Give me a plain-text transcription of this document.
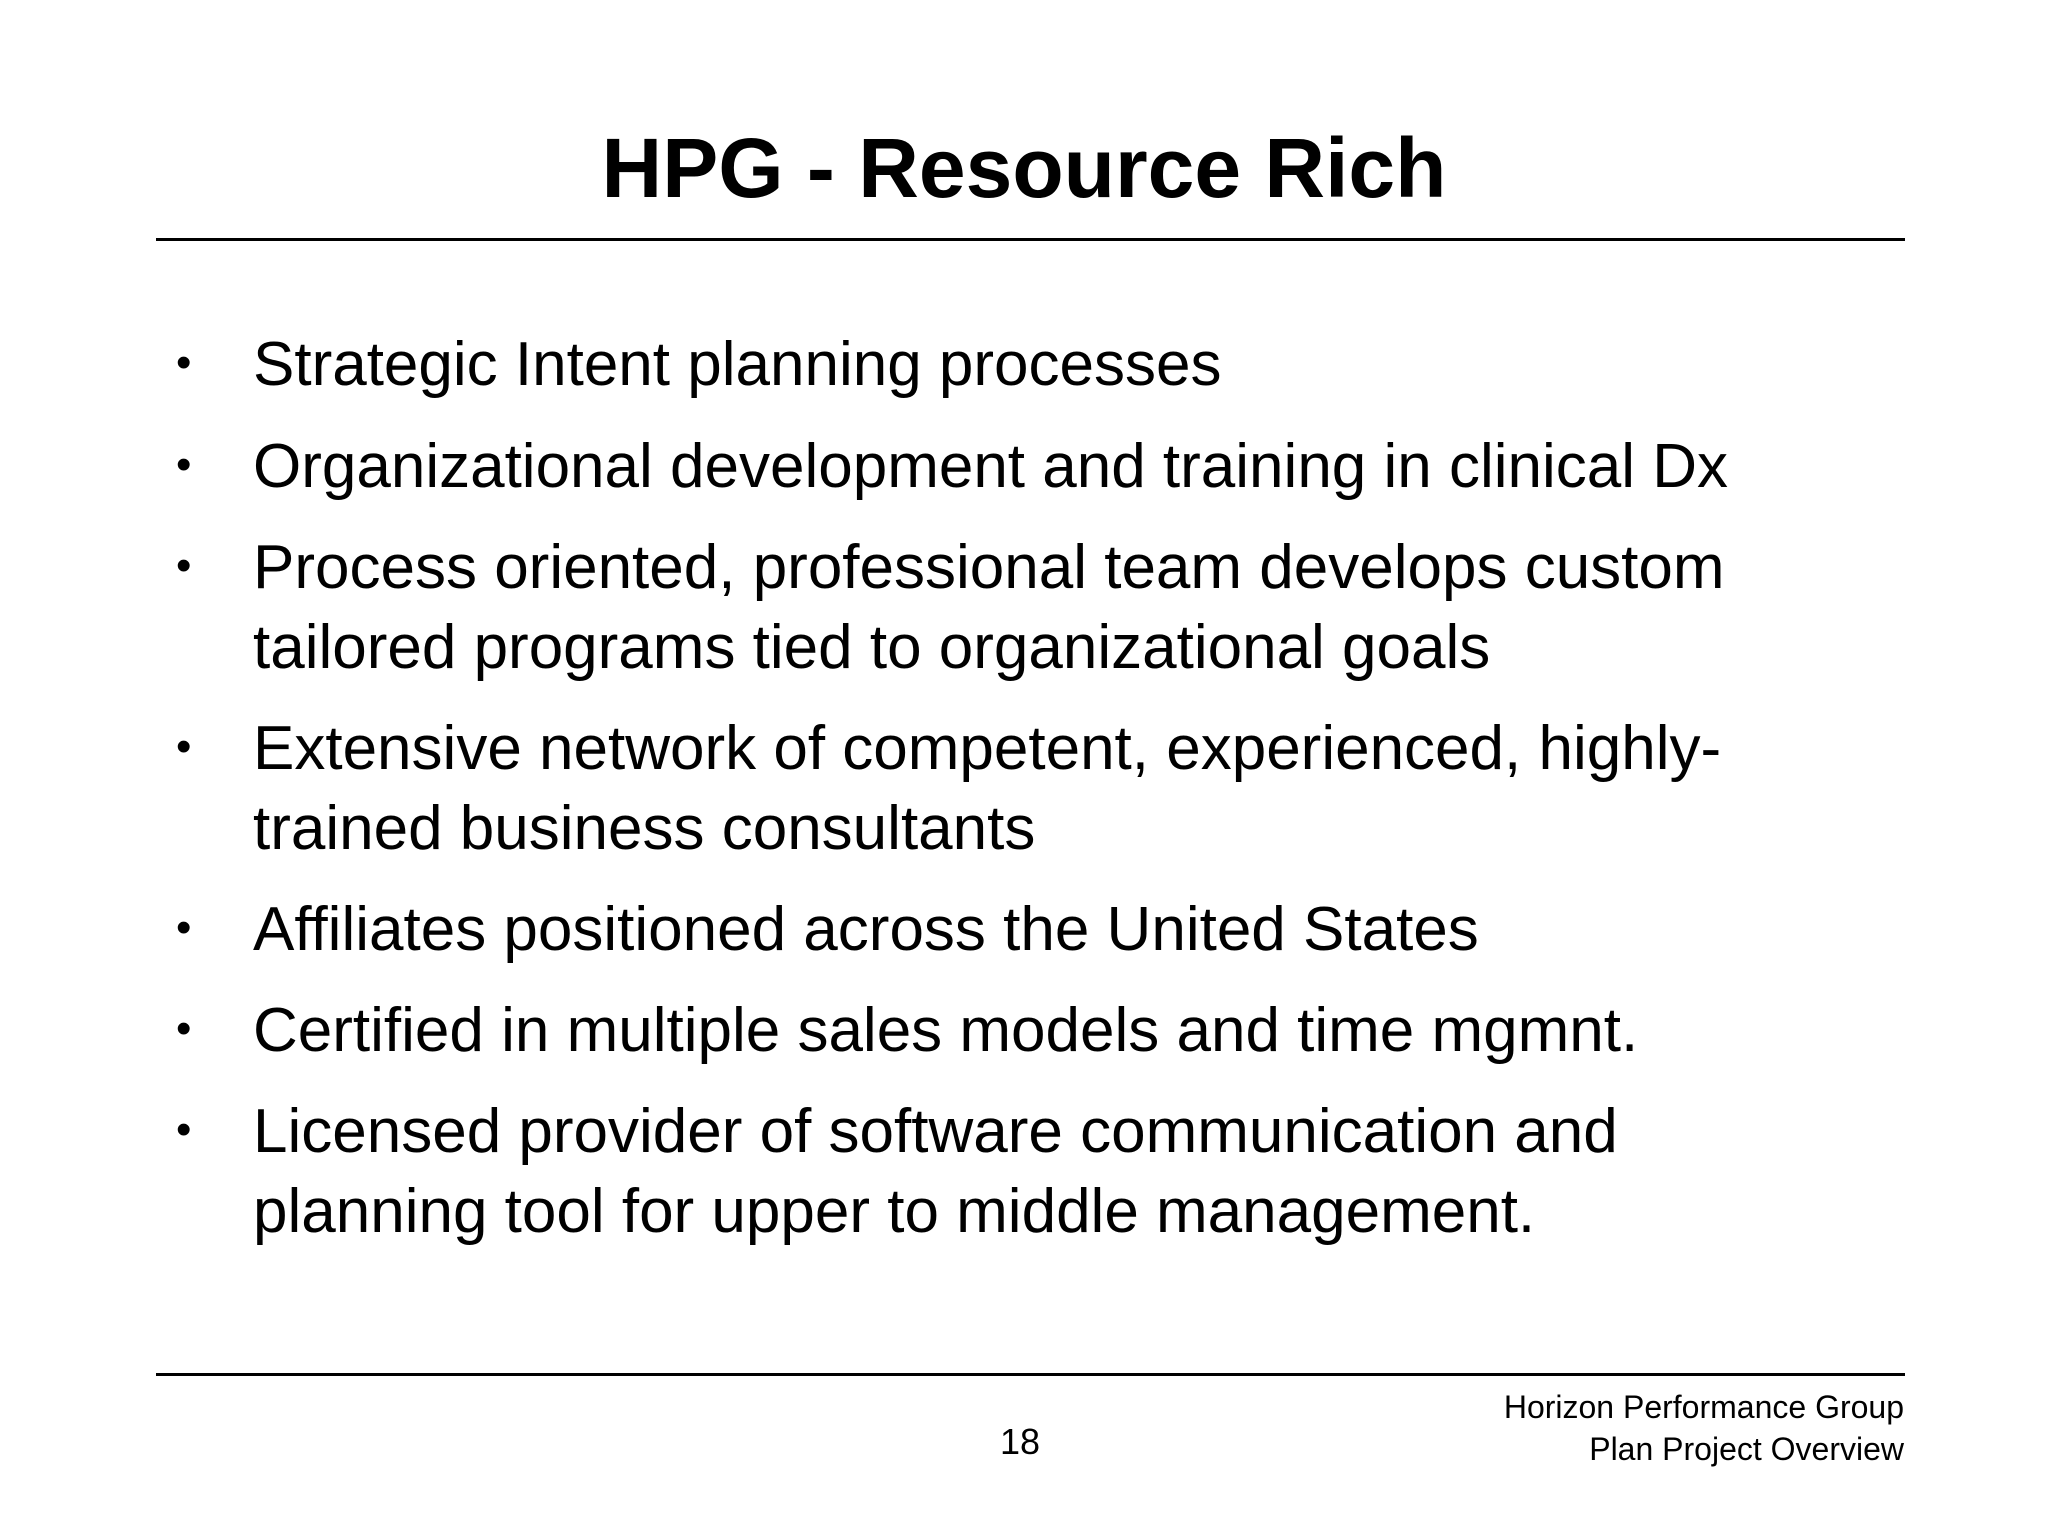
HPG - Resource Rich
• Strategic Intent planning processes
• Organizational development and training in clinical Dx
• Process oriented, professional team develops custom
tailored programs tied to organizational goals
• Extensive network of competent, experienced, highly-
trained business consultants
• Affiliates positioned across the United States
• Certified in multiple sales models and time mgmnt.
• Licensed provider of software communication and
planning tool for upper to middle management.
18
Horizon Performance Group
Plan Project Overview
